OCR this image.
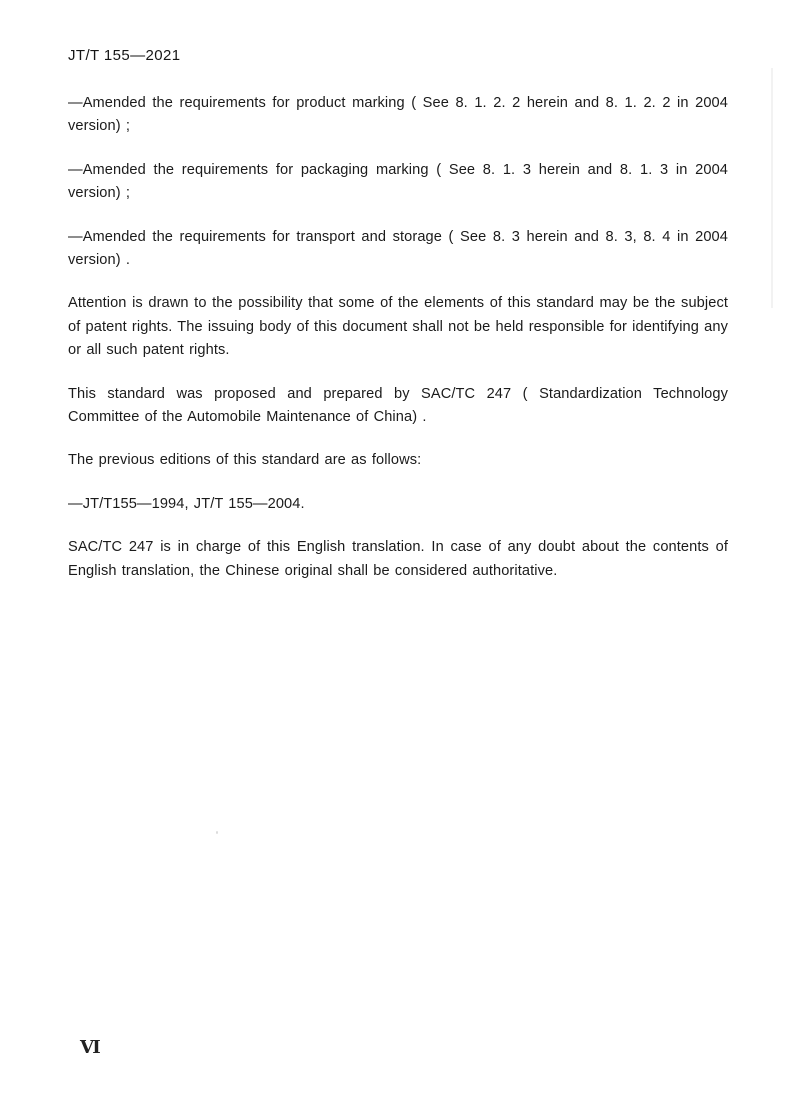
JT/T 155—2021

—Amended the requirements for product marking ( See 8. 1. 2. 2 herein and 8. 1. 2. 2 in 2004 version) ;

—Amended the requirements for packaging marking ( See 8. 1. 3 herein and 8. 1. 3 in 2004 version) ;

—Amended the requirements for transport and storage ( See 8. 3 herein and 8. 3, 8. 4 in 2004 version) .

Attention is drawn to the possibility that some of the elements of this standard may be the subject of patent rights. The issuing body of this document shall not be held responsible for identifying any or all such patent rights.

This standard was proposed and prepared by SAC/TC 247 ( Standardization Technology Committee of the Automobile Maintenance of China) .

The previous editions of this standard are as follows:

—JT/T155—1994, JT/T 155—2004.

SAC/TC 247 is in charge of this English translation. In case of any doubt about the contents of English translation, the Chinese original shall be considered authoritative.

Ⅵ
